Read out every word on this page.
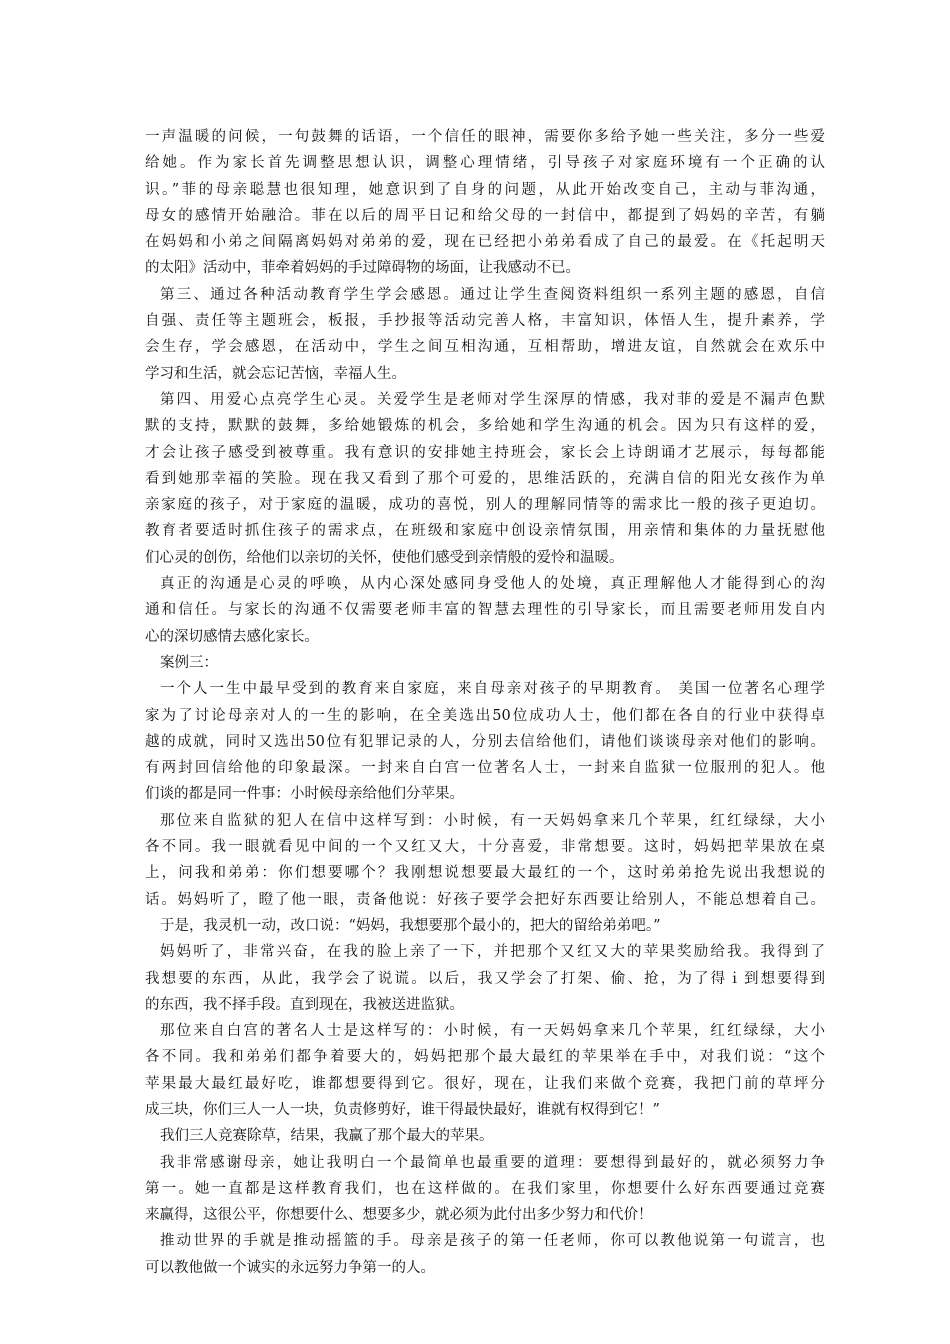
一声温暖的问候，一句鼓舞的话语，一个信任的眼神，需要你多给予她一些关注，多分一些爱
给她。作为家长首先调整思想认识，调整心理情绪，引导孩子对家庭环境有一个正确的认
识。”菲的母亲聪慧也很知理，她意识到了自身的问题，从此开始改变自己，主动与菲沟通，
母女的感情开始融洽。菲在以后的周平日记和给父母的一封信中，都提到了妈妈的辛苦，有躺
在妈妈和小弟之间隔离妈妈对弟弟的爱，现在已经把小弟弟看成了自己的最爱。在《托起明天
的太阳》活动中，菲牵着妈妈的手过障碍物的场面，让我感动不已。
第三、通过各种活动教育学生学会感恩。通过让学生查阅资料组织一系列主题的感恩，自信
自强、责任等主题班会，板报，手抄报等活动完善人格，丰富知识，体悟人生，提升素养，学
会生存，学会感恩，在活动中，学生之间互相沟通，互相帮助，增进友谊，自然就会在欢乐中
学习和生活，就会忘记苦恼，幸福人生。
第四、用爱心点亮学生心灵。关爱学生是老师对学生深厚的情感，我对菲的爱是不漏声色默
默的支持，默默的鼓舞，多给她锻炼的机会，多给她和学生沟通的机会。因为只有这样的爱，
才会让孩子感受到被尊重。我有意识的安排她主持班会，家长会上诗朗诵才艺展示，每每都能
看到她那幸福的笑脸。现在我又看到了那个可爱的，思维活跃的，充满自信的阳光女孩作为单
亲家庭的孩子，对于家庭的温暖，成功的喜悦，别人的理解同情等的需求比一般的孩子更迫切。
教育者要适时抓住孩子的需求点，在班级和家庭中创设亲情氛围，用亲情和集体的力量抚慰他
们心灵的创伤，给他们以亲切的关怀，使他们感受到亲情般的爱怜和温暖。
真正的沟通是心灵的呼唤，从内心深处感同身受他人的处境，真正理解他人才能得到心的沟
通和信任。与家长的沟通不仅需要老师丰富的智慧去理性的引导家长，而且需要老师用发自内
心的深切感情去感化家长。
案例三：
一个人一生中最早受到的教育来自家庭，来自母亲对孩子的早期教育。 美国一位著名心理学
家为了讨论母亲对人的一生的影响，在全美选出50位成功人士，他们都在各自的行业中获得卓
越的成就，同时又选出50位有犯罪记录的人，分别去信给他们，请他们谈谈母亲对他们的影响。
有两封回信给他的印象最深。一封来自白宫一位著名人士，一封来自监狱一位服刑的犯人。他
们谈的都是同一件事：小时候母亲给他们分苹果。
那位来自监狱的犯人在信中这样写到：小时候，有一天妈妈拿来几个苹果，红红绿绿，大小
各不同。我一眼就看见中间的一个又红又大，十分喜爱，非常想要。这时，妈妈把苹果放在桌
上，问我和弟弟：你们想要哪个？我刚想说想要最大最红的一个，这时弟弟抢先说出我想说的
话。妈妈听了，瞪了他一眼，责备他说：好孩子要学会把好东西要让给别人，不能总想着自己。
于是，我灵机一动，改口说：“妈妈，我想要那个最小的，把大的留给弟弟吧。”
妈妈听了，非常兴奋，在我的脸上亲了一下，并把那个又红又大的苹果奖励给我。我得到了
我想要的东西，从此，我学会了说谎。以后，我又学会了打架、偷、抢，为了得ｉ到想要得到
的东西，我不择手段。直到现在，我被送进监狱。
那位来自白宫的著名人士是这样写的：小时候，有一天妈妈拿来几个苹果，红红绿绿，大小
各不同。我和弟弟们都争着要大的，妈妈把那个最大最红的苹果举在手中，对我们说：“这个
苹果最大最红最好吃，谁都想要得到它。很好，现在，让我们来做个竞赛，我把门前的草坪分
成三块，你们三人一人一块，负责修剪好，谁干得最快最好，谁就有权得到它！”
我们三人竞赛除草，结果，我赢了那个最大的苹果。
我非常感谢母亲，她让我明白一个最简单也最重要的道理：要想得到最好的，就必须努力争
第一。她一直都是这样教育我们，也在这样做的。在我们家里，你想要什么好东西要通过竞赛
来赢得，这很公平，你想要什么、想要多少，就必须为此付出多少努力和代价！
推动世界的手就是推动摇篮的手。母亲是孩子的第一任老师，你可以教他说第一句谎言，也
可以教他做一个诚实的永远努力争第一的人。
